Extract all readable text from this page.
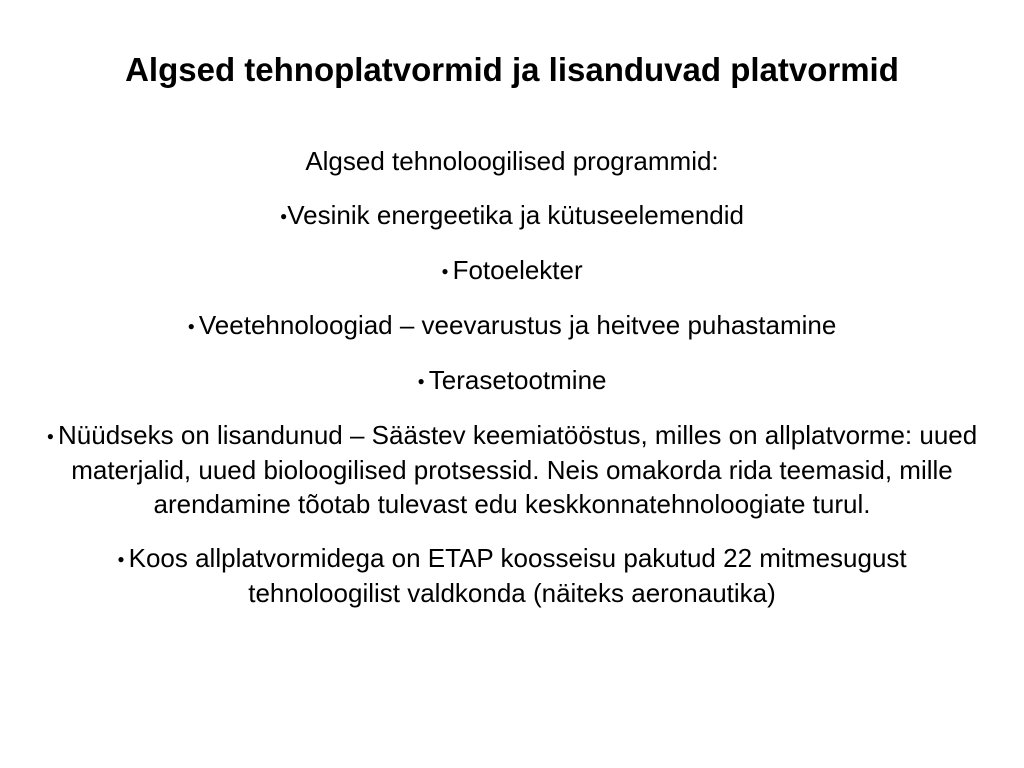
Algsed tehnoplatvormid ja lisanduvad platvormid

Algsed tehnoloogilised programmid:

●Vesinik energeetika ja kütuseelemendid

● Fotoelekter

● Veetehnoloogiad – veevarustus ja heitvee puhastamine

● Terasetootmine

● Nüüdseks on lisandunud – Säästev keemiatööstus, milles on allplatvorme: uued materjalid, uued bioloogilised protsessid. Neis omakorda rida teemasid, mille arendamine tõotab tulevast edu keskkonnatehnoloogiate turul.

● Koos allplatvormidega on ETAP koosseisu pakutud 22 mitmesugust tehnoloogilist valdkonda (näiteks aeronautika)
